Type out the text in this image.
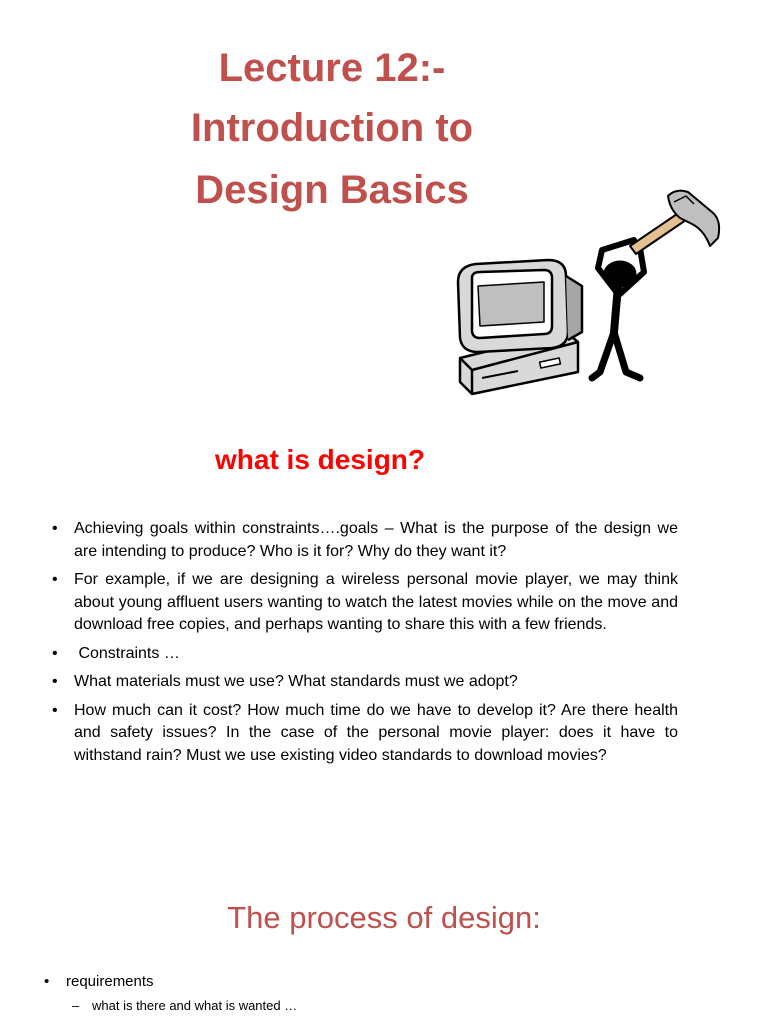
Lecture 12:-
Introduction to
Design Basics
what is design?
• Achieving goals within constraints….goals – What is the purpose of the design we are intending to produce? Who is it for? Why do they want it?
• For example, if we are designing a wireless personal movie player, we may think about young affluent users wanting to watch the latest movies while on the move and download free copies, and perhaps wanting to share this with a few friends.
• Constraints …
• What materials must we use? What standards must we adopt?
• How much can it cost? How much time do we have to develop it? Are there health and safety issues? In the case of the personal movie player: does it have to withstand rain? Must we use existing video standards to download movies?
The process of design:
• requirements
– what is there and what is wanted …
